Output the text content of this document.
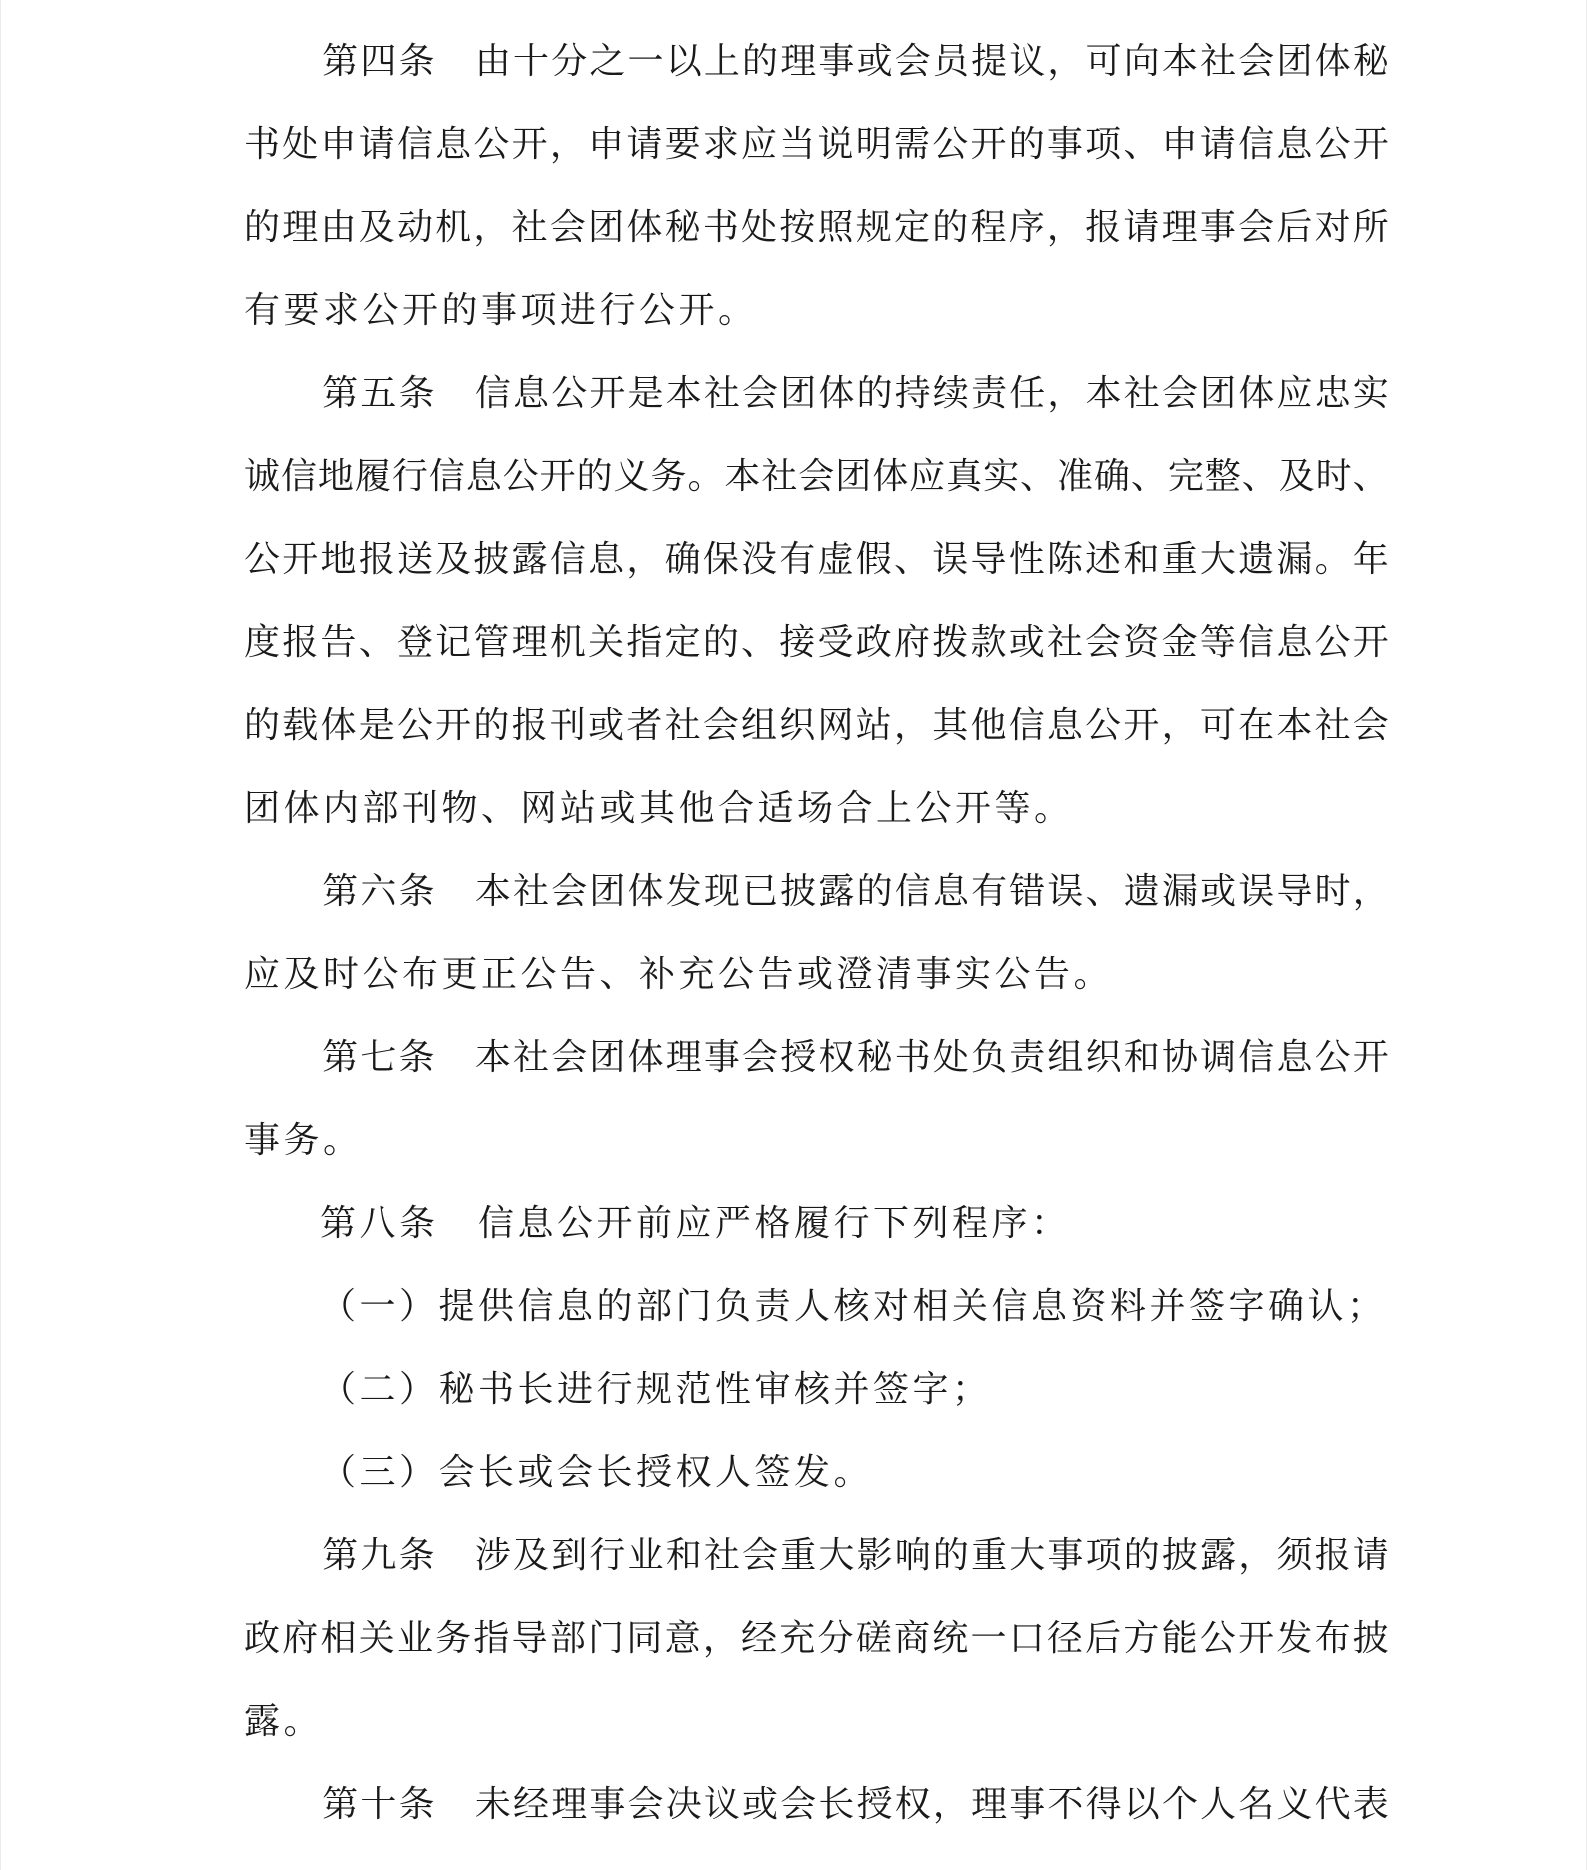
第 四 条
　 由 十 分 之 一 以 上 的 理 事 或 会 员 提 议 ， 可 向 本 社 会 团 体 秘
书 处 申 请 信 息 公 开 ， 申 请 要 求 应 当 说 明 需 公 开 的 事 项 、 申 请 信 息 公 开
的 理 由 及 动 机 ， 社 会 团 体 秘 书 处 按 照 规 定 的 程 序 ， 报 请 理 事 会 后 对 所
有要求公开的事项进行公开。
第 五 条
　 信 息 公 开 是 本 社 会 团 体 的 持 续 责 任 ， 本 社 会 团 体 应 忠 实
诚 信 地 履 行 信 息 公 开 的 义 务 。 本 社 会 团 体 应 真 实 、 准 确 、 完 整 、 及 时 、
公 开 地 报 送 及 披 露 信 息 ， 确 保 没 有 虚 假 、 误 导 性 陈 述 和 重 大 遗 漏 。 年
度 报 告 、 登 记 管 理 机 关 指 定 的 、 接 受 政 府 拨 款 或 社 会 资 金 等 信 息 公 开
的 载 体 是 公 开 的 报 刊 或 者 社 会 组 织 网 站 ， 其 他 信 息 公 开 ， 可 在 本 社 会
团体内部刊物、网站或其他合适场合上公开等。
第 六 条
　 本 社 会 团 体 发 现 已 披 露 的 信 息 有 错 误 、 遗 漏 或 误 导 时 ，
应及时公布更正公告、补充公告或澄清事实公告。
第 七 条
　 本 社 会 团 体 理 事 会 授 权 秘 书 处 负 责 组 织 和 协 调 信 息 公 开
事务。
第八条　信息公开前应严格履行下列程序：
（一）提供信息的部门负责人核对相关信息资料并签字确认；
（二）秘书长进行规范性审核并签字；
（三）会长或会长授权人签发。
第 九 条
　 涉 及 到 行 业 和 社 会 重 大 影 响 的 重 大 事 项 的 披 露 ， 须 报 请
政 府 相 关 业 务 指 导 部 门 同 意 ， 经 充 分 磋 商 统 一 口 径 后 方 能 公 开 发 布 披
露。
第 十 条
　 未 经 理 事 会 决 议 或 会 长 授 权 ， 理 事 不 得 以 个 人 名 义 代 表
